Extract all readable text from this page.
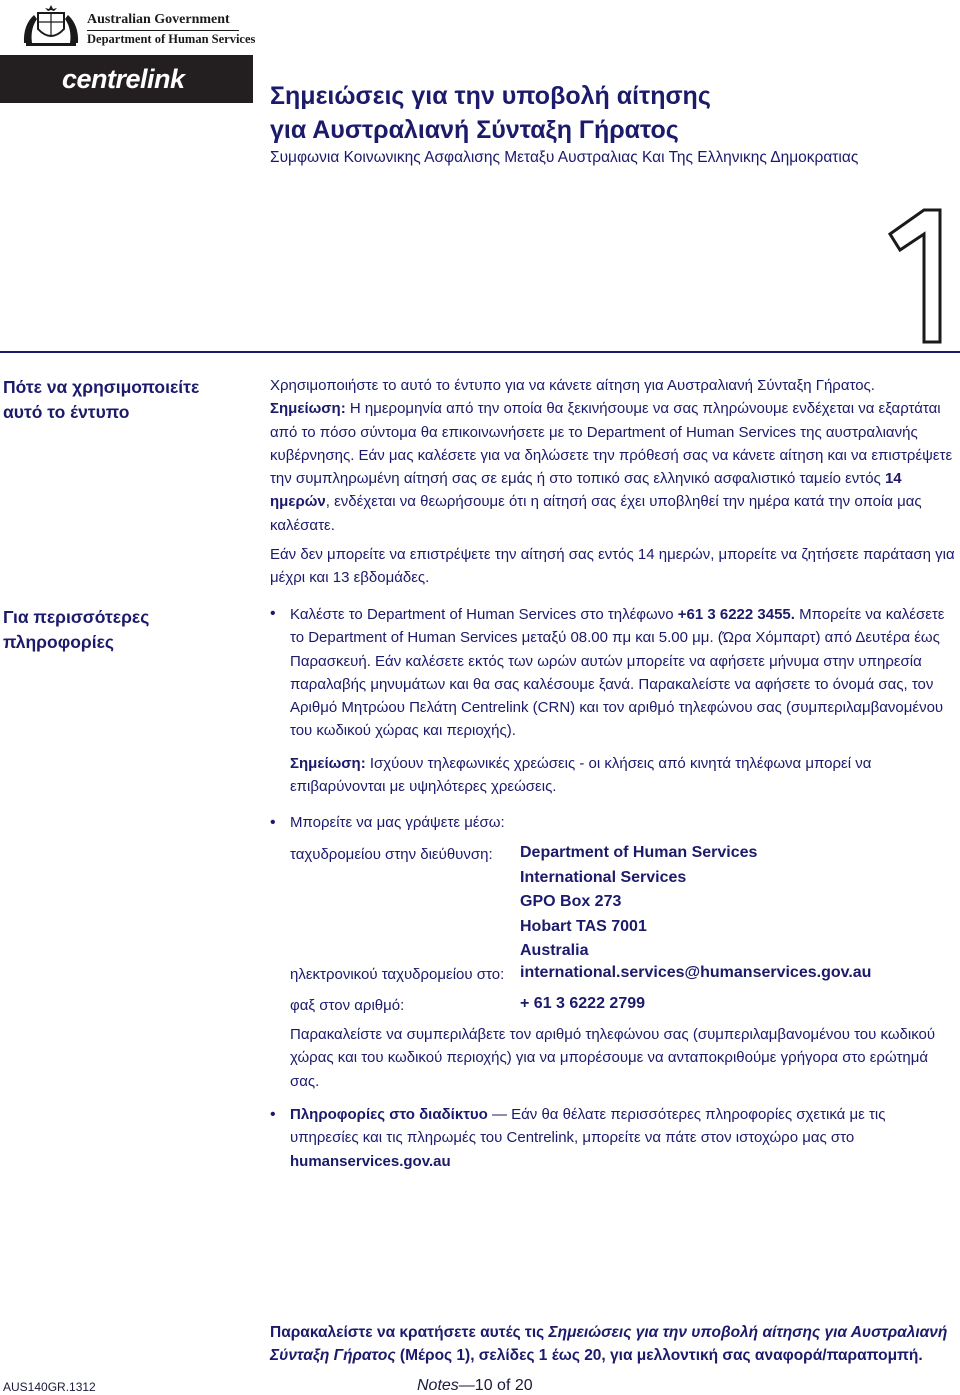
Australian Government
Department of Human Services
centrelink
Σημειώσεις για την υποβολή αίτησης
για Αυστραλιανή Σύνταξη Γήρατος
Συμφωνια Κοινωνικης Ασφαλισης Μεταξυ Αυστραλιας Και Της Ελληνικης Δημοκρατιας
Πότε να χρησιμοποιείτε
αυτό το έντυπο
Χρησιμοποιήστε το αυτό το έντυπο για να κάνετε αίτηση για Αυστραλιανή Σύνταξη Γήρατος.
Σημείωση: Η ημερομηνία από την οποία θα ξεκινήσουμε να σας πληρώνουμε ενδέχεται να εξαρτάται από το πόσο σύντομα θα επικοινωνήσετε με το Department of Human Services της αυστραλιανής κυβέρνησης. Εάν μας καλέσετε για να δηλώσετε την πρόθεσή σας να κάνετε αίτηση και να επιστρέψετε την συμπληρωμένη αίτησή σας σε εμάς ή στο τοπικό σας ελληνικό ασφαλιστικό ταμείο εντός 14 ημερών, ενδέχεται να θεωρήσουμε ότι η αίτησή σας έχει υποβληθεί την ημέρα κατά την οποία μας καλέσατε.
Εάν δεν μπορείτε να επιστρέψετε την αίτησή σας εντός 14 ημερών, μπορείτε να ζητήσετε παράταση για μέχρι και 13 εβδομάδες.
Για περισσότερες
πληροφορίες
• Καλέστε το Department of Human Services στο τηλέφωνο +61 3 6222 3455. Μπορείτε να καλέσετε το Department of Human Services μεταξύ 08.00 πμ και 5.00 μμ. (Ώρα Χόμπαρτ) από Δευτέρα έως Παρασκευή. Εάν καλέσετε εκτός των ωρών αυτών μπορείτε να αφήσετε μήνυμα στην υπηρεσία παραλαβής μηνυμάτων και θα σας καλέσουμε ξανά. Παρακαλείστε να αφήσετε το όνομά σας, τον Αριθμό Μητρώου Πελάτη Centrelink (CRN) και τον αριθμό τηλεφώνου σας (συμπεριλαμβανομένου του κωδικού χώρας και περιοχής).
Σημείωση: Ισχύουν τηλεφωνικές χρεώσεις - οι κλήσεις από κινητά τηλέφωνα μπορεί να επιβαρύνονται με υψηλότερες χρεώσεις.
• Μπορείτε να μας γράψετε μέσω:
ταχυδρομείου στην διεύθυνση: Department of Human Services
International Services
GPO Box 273
Hobart TAS 7001
Australia
ηλεκτρονικού ταχυδρομείου στο: international.services@humanservices.gov.au
φαξ στον αριθμό:	+ 61 3 6222 2799
Παρακαλείστε να συμπεριλάβετε τον αριθμό τηλεφώνου σας (συμπεριλαμβανομένου του κωδικού χώρας και του κωδικού περιοχής) για να μπορέσουμε να ανταποκριθούμε γρήγορα στο ερώτημά σας.
• Πληροφορίες στο διαδίκτυο — Εάν θα θέλατε περισσότερες πληροφορίες σχετικά με τις υπηρεσίες και τις πληρωμές του Centrelink, μπορείτε να πάτε στον ιστοχώρο μας στο humanservices.gov.au
Παρακαλείστε να κρατήσετε αυτές τις Σημειώσεις για την υποβολή αίτησης για Αυστραλιανή Σύνταξη Γήρατος (Μέρος 1), σελίδες 1 έως 20, για μελλοντική σας αναφορά/παραπομπή.
AUS140GR.1312	Notes—10 of 20
